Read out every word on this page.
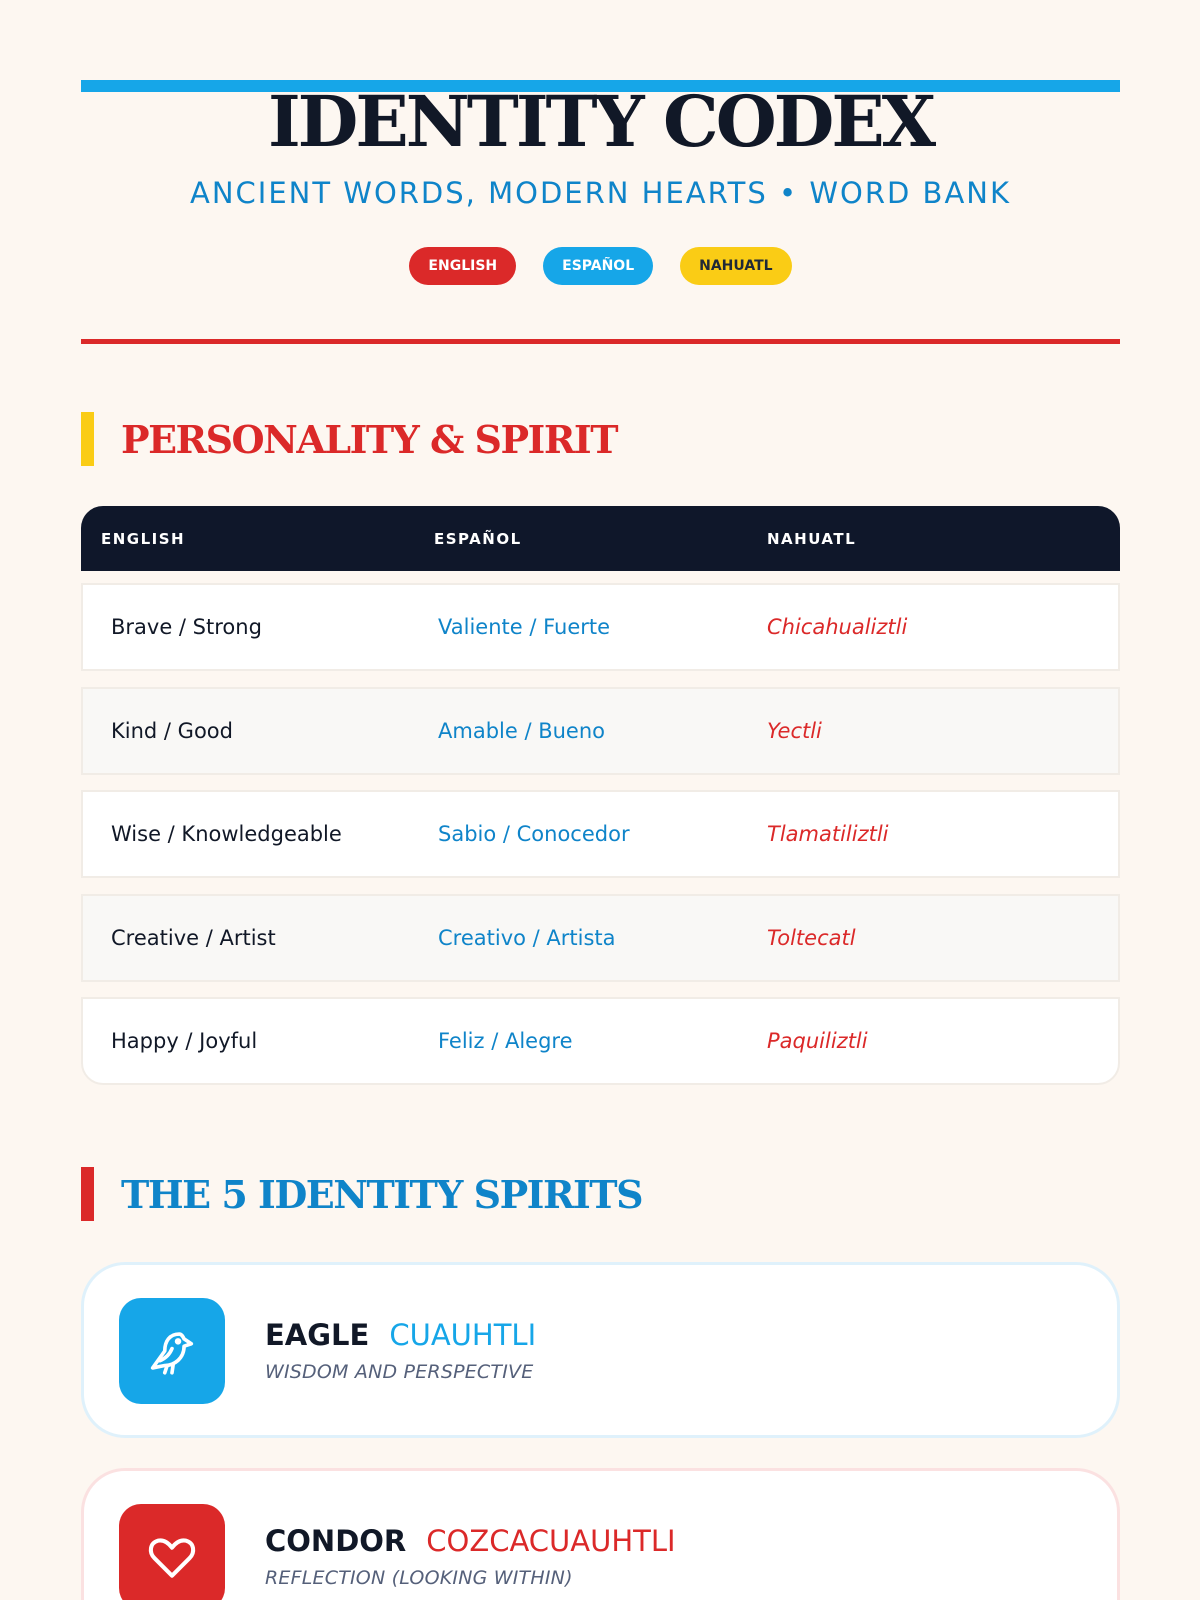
IDENTITY CODEX
ANCIENT WORDS, MODERN HEARTS • WORD BANK
ENGLISH	ESPAÑOL	NAHUATL
PERSONALITY & SPIRIT
ENGLISH	ESPAÑOL	NAHUATL
Brave / Strong	Valiente / Fuerte	Chicahualiztli
Kind / Good	Amable / Bueno	Yectli
Wise / Knowledgeable	Sabio / Conocedor	Tlamatiliztli
Creative / Artist	Creativo / Artista	Toltecatl
Happy / Joyful	Feliz / Alegre	Paquiliztli
THE 5 IDENTITY SPIRITS
EAGLE CUAUHTLI
WISDOM AND PERSPECTIVE
CONDOR COZCACUAUHTLI
REFLECTION (LOOKING WITHIN)
